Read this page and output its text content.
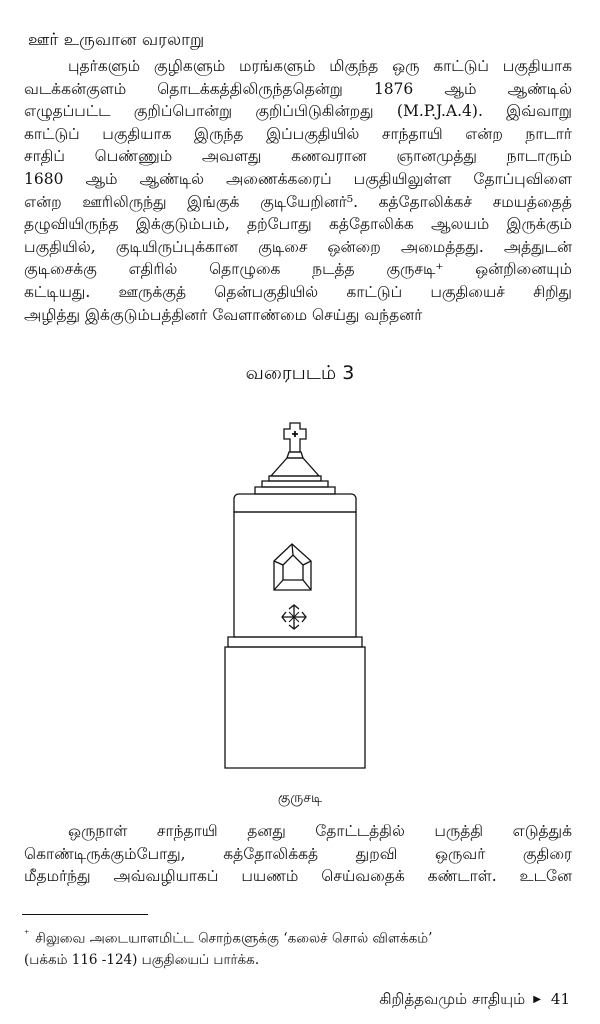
ஊர் உருவான வரலாறு
புதர்களும் குழிகளும் மரங்களும் மிகுந்த ஒரு காட்டுப் பகுதியாக
வடக்கன்குளம் தொடக்கத்திலிருந்ததென்று 1876 ஆம் ஆண்டில்
எழுதப்பட்ட குறிப்பொன்று குறிப்பிடுகின்றது (M.P.J.A.4). இவ்வாறு
காட்டுப் பகுதியாக இருந்த இப்பகுதியில் சாந்தாயி என்ற நாடார்
சாதிப் பெண்ணும் அவளது கணவரான ஞானமுத்து நாடாரும்
1680 ஆம் ஆண்டில் அணைக்கரைப் பகுதியிலுள்ள தோப்புவிளை
என்ற ஊரிலிருந்து இங்குக் குடியேறினர்⁵. கத்தோலிக்கச் சமயத்தைத்
தழுவியிருந்த இக்குடும்பம், தற்போது கத்தோலிக்க ஆலயம் இருக்கும்
பகுதியில், குடியிருப்புக்கான குடிசை ஒன்றை அமைத்தது. அத்துடன்
குடிசைக்கு எதிரில் தொழுகை நடத்த குருசடி⁺ ஒன்றினையும்
கட்டியது. ஊருக்குத் தென்பகுதியில் காட்டுப் பகுதியைச் சிறிது
அழித்து இக்குடும்பத்தினர் வேளாண்மை செய்து வந்தனர்
வரைபடம் 3
குருசடி
ஒருநாள் சாந்தாயி தனது தோட்டத்தில் பருத்தி எடுத்துக்
கொண்டிருக்கும்போது, கத்தோலிக்கத் துறவி ஒருவர் குதிரை
மீதமர்ந்து அவ்வழியாகப் பயணம் செய்வதைக் கண்டாள். உடனே
⁺ சிலுவை அடையாளமிட்ட சொற்களுக்கு ‘கலைச் சொல் விளக்கம்’
(பக்கம் 116 -124) பகுதியைப் பார்க்க.
கிறித்தவமும் சாதியும் ▶ 41
